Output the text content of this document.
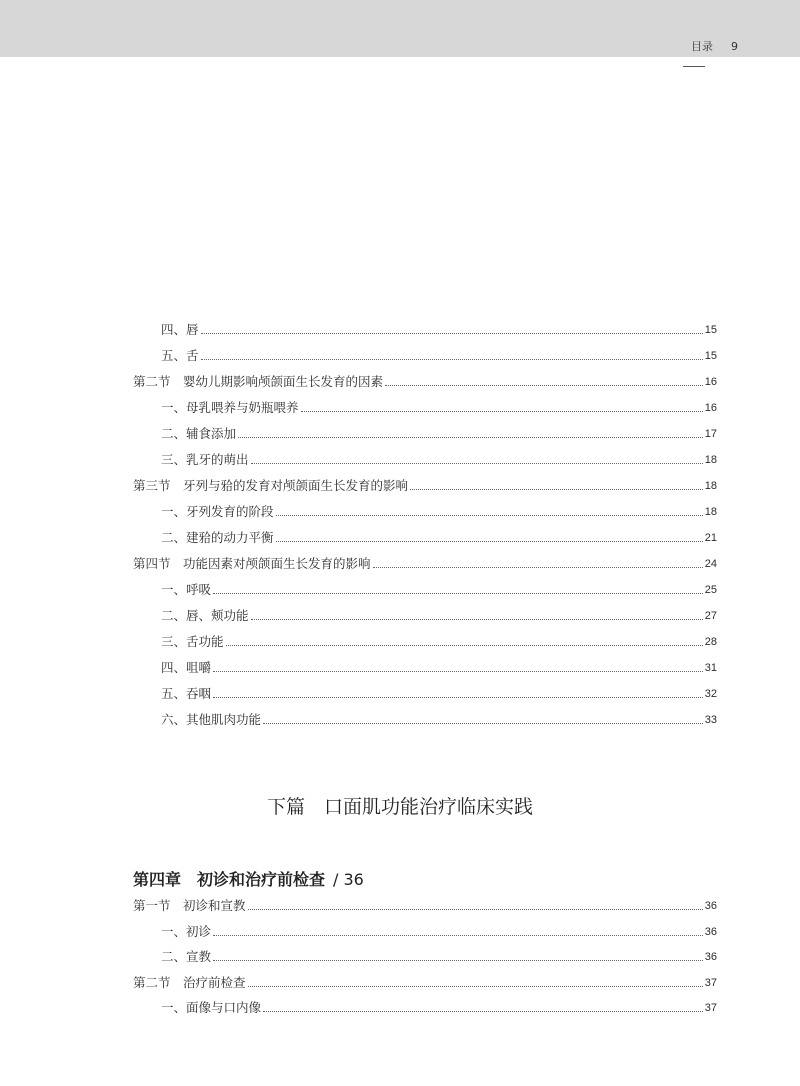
目录 9
四、唇	15
五、舌	15
第二节　婴幼儿期影响颅颌面生长发育的因素	16
一、母乳喂养与奶瓶喂养	16
二、辅食添加	17
三、乳牙的萌出	18
第三节　牙列与𬌗的发育对颅颌面生长发育的影响	18
一、牙列发育的阶段	18
二、建𬌗的动力平衡	21
第四节　功能因素对颅颌面生长发育的影响	24
一、呼吸	25
二、唇、颊功能	27
三、舌功能	28
四、咀嚼	31
五、吞咽	32
六、其他肌肉功能	33
下篇　口面肌功能治疗临床实践
第四章　初诊和治疗前检查 / 36
第一节　初诊和宣教	36
一、初诊	36
二、宣教	36
第二节　治疗前检查	37
一、面像与口内像	37
